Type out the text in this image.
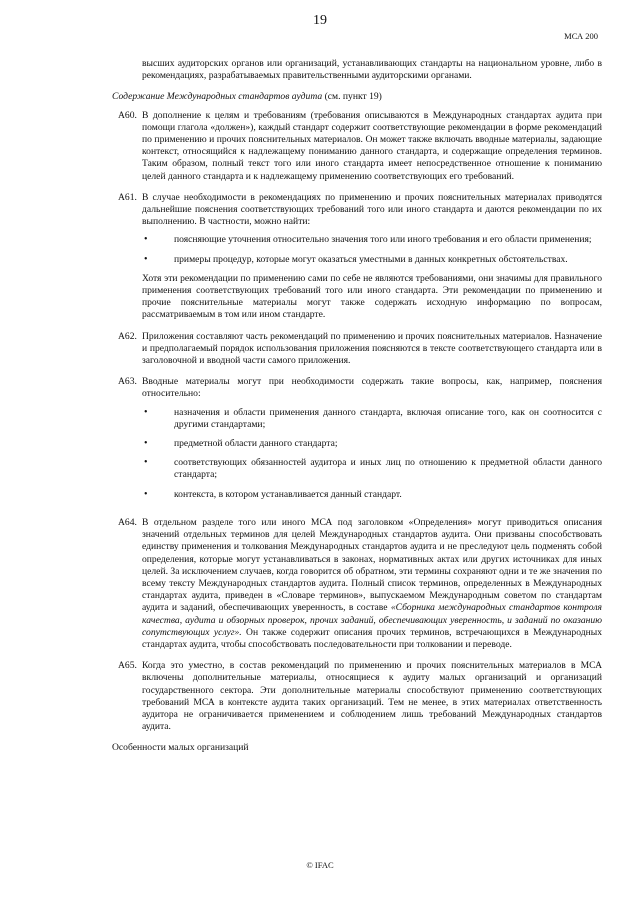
19
МСА 200

высших аудиторских органов или организаций, устанавливающих стандарты на национальном уровне, либо в рекомендациях, разрабатываемых правительственными аудиторскими органами.

Содержание Международных стандартов аудита (см. пункт 19)
A60. В дополнение к целям и требованиям (требования описываются в Международных стандартах аудита при помощи глагола «должен»), каждый стандарт содержит соответствующие рекомендации в форме рекомендаций по применению и прочих пояснительных материалов. Он может также включать вводные материалы, задающие контекст, относящийся к надлежащему пониманию данного стандарта, и содержащие определения терминов. Таким образом, полный текст того или иного стандарта имеет непосредственное отношение к пониманию целей данного стандарта и к надлежащему применению соответствующих его требований.

A61. В случае необходимости в рекомендациях по применению и прочих пояснительных материалах приводятся дальнейшие пояснения соответствующих требований того или иного стандарта и даются рекомендации по их выполнению. В частности, можно найти:

•	поясняющие уточнения относительно значения того или иного требования и его области применения;
•	примеры процедур, которые могут оказаться уместными в данных конкретных обстоятельствах.

Хотя эти рекомендации по применению сами по себе не являются требованиями, они значимы для правильного применения соответствующих требований того или иного стандарта. Эти рекомендации по применению и прочие пояснительные материалы могут также содержать исходную информацию по вопросам, рассматриваемым в том или ином стандарте.

A62. Приложения составляют часть рекомендаций по применению и прочих пояснительных материалов. Назначение и предполагаемый порядок использования приложения поясняются в тексте соответствующего стандарта или в заголовочной и вводной части самого приложения.

A63. Вводные материалы могут при необходимости содержать такие вопросы, как, например, пояснения относительно:

•	назначения и области применения данного стандарта, включая описание того, как он соотносится с другими стандартами;
•	предметной области данного стандарта;
•	соответствующих обязанностей аудитора и иных лиц по отношению к предметной области данного стандарта;
•	контекста, в котором устанавливается данный стандарт.
A64. В отдельном разделе того или иного МСА под заголовком «Определения» могут приводиться описания значений отдельных терминов для целей Международных стандартов аудита. Они призваны способствовать единству применения и толкования Международных стандартов аудита и не преследуют цель подменять собой определения, которые могут устанавливаться в законах, нормативных актах или других источниках для иных целей. За исключением случаев, когда говорится об обратном, эти термины сохраняют одни и те же значения по всему тексту Международных стандартов аудита. Полный список терминов, определенных в Международных стандартах аудита, приведен в «Словаре терминов», выпускаемом Международным советом по стандартам аудита и заданий, обеспечивающих уверенность, в составе «Сборника международных стандартов контроля качества, аудита и обзорных проверок, прочих заданий, обеспечивающих уверенность, и заданий по оказанию сопутствующих услуг». Он также содержит описания прочих терминов, встречающихся в Международных стандартах аудита, чтобы способствовать последовательности при толковании и переводе.

A65. Когда это уместно, в состав рекомендаций по применению и прочих пояснительных материалов в МСА включены дополнительные материалы, относящиеся к аудиту малых организаций и организаций государственного сектора. Эти дополнительные материалы способствуют применению соответствующих требований МСА в контексте аудита таких организаций. Тем не менее, в этих материалах ответственность аудитора не ограничивается применением и соблюдением лишь требований Международных стандартов аудита.

Особенности малых организаций
© IFAC
